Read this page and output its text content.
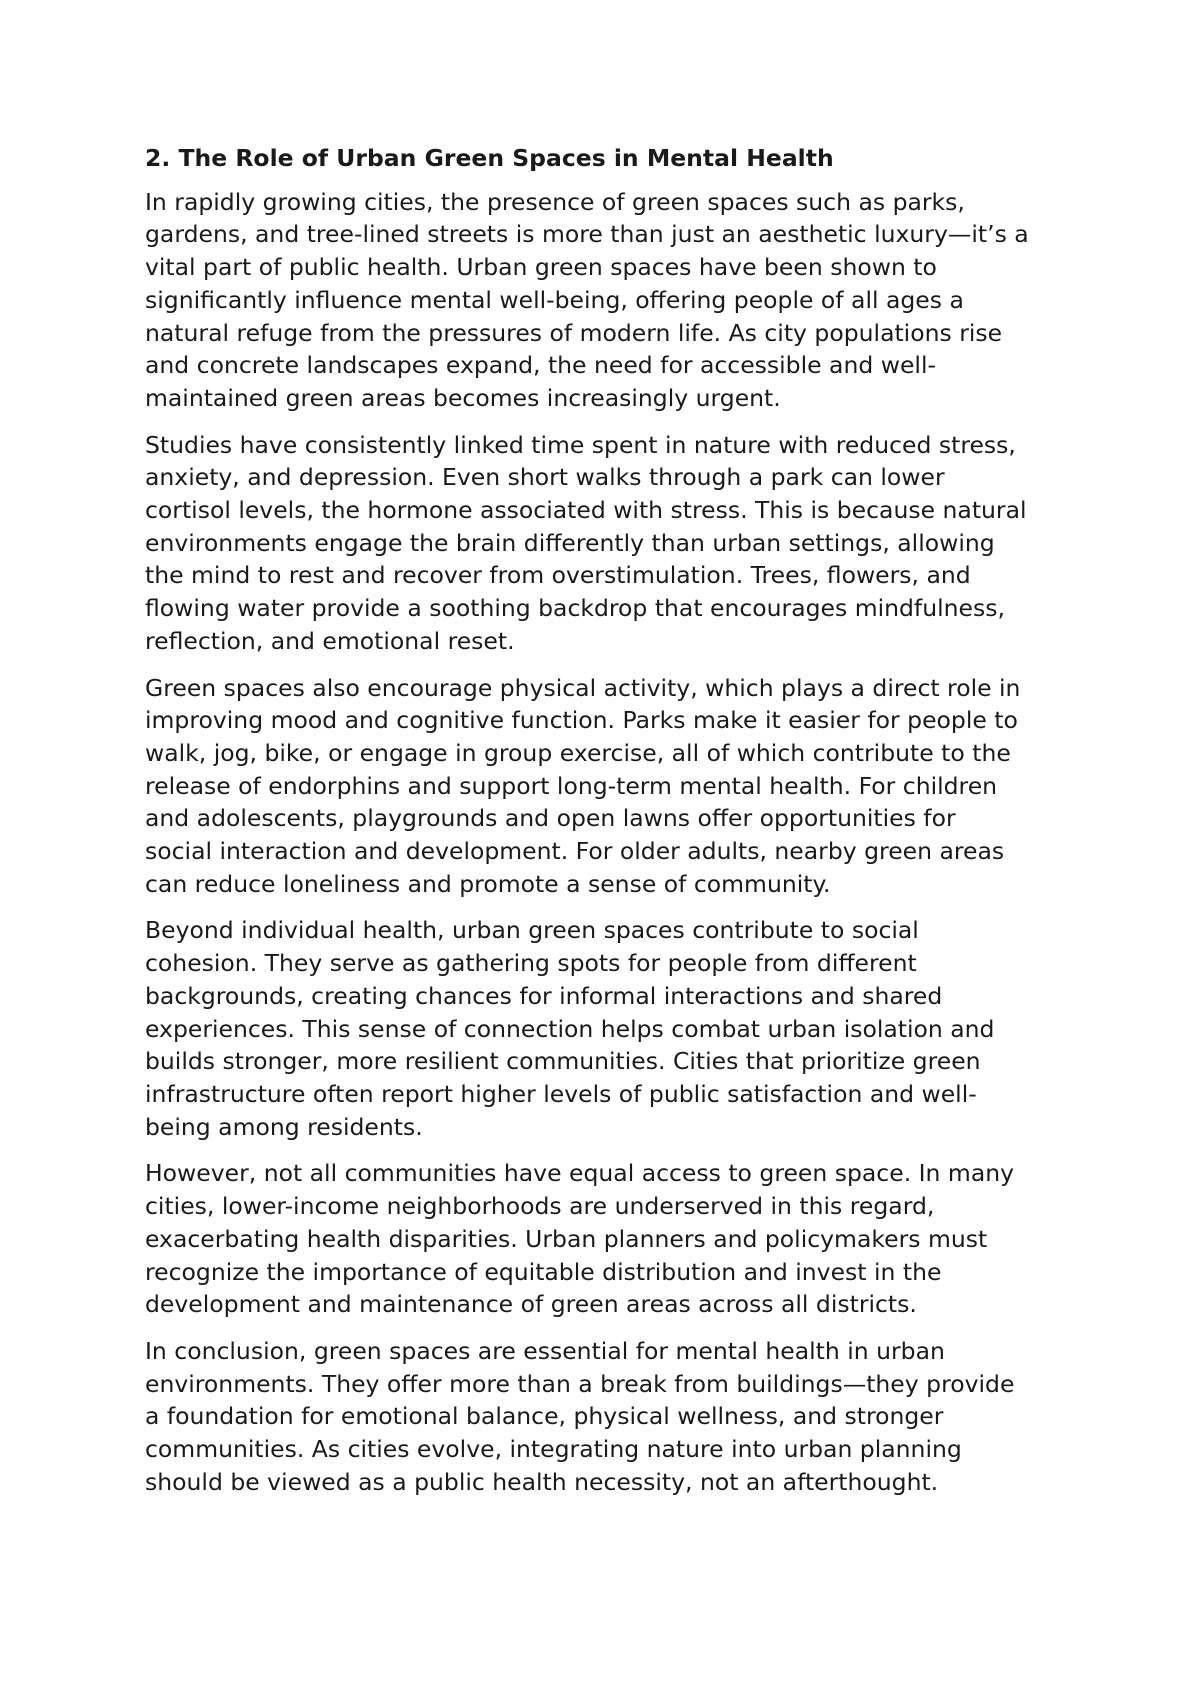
2. The Role of Urban Green Spaces in Mental Health
In rapidly growing cities, the presence of green spaces such as parks,
gardens, and tree-lined streets is more than just an aesthetic luxury—it’s a
vital part of public health. Urban green spaces have been shown to
significantly influence mental well-being, offering people of all ages a
natural refuge from the pressures of modern life. As city populations rise
and concrete landscapes expand, the need for accessible and well-
maintained green areas becomes increasingly urgent.
Studies have consistently linked time spent in nature with reduced stress,
anxiety, and depression. Even short walks through a park can lower
cortisol levels, the hormone associated with stress. This is because natural
environments engage the brain differently than urban settings, allowing
the mind to rest and recover from overstimulation. Trees, flowers, and
flowing water provide a soothing backdrop that encourages mindfulness,
reflection, and emotional reset.
Green spaces also encourage physical activity, which plays a direct role in
improving mood and cognitive function. Parks make it easier for people to
walk, jog, bike, or engage in group exercise, all of which contribute to the
release of endorphins and support long-term mental health. For children
and adolescents, playgrounds and open lawns offer opportunities for
social interaction and development. For older adults, nearby green areas
can reduce loneliness and promote a sense of community.
Beyond individual health, urban green spaces contribute to social
cohesion. They serve as gathering spots for people from different
backgrounds, creating chances for informal interactions and shared
experiences. This sense of connection helps combat urban isolation and
builds stronger, more resilient communities. Cities that prioritize green
infrastructure often report higher levels of public satisfaction and well-
being among residents.
However, not all communities have equal access to green space. In many
cities, lower-income neighborhoods are underserved in this regard,
exacerbating health disparities. Urban planners and policymakers must
recognize the importance of equitable distribution and invest in the
development and maintenance of green areas across all districts.
In conclusion, green spaces are essential for mental health in urban
environments. They offer more than a break from buildings—they provide
a foundation for emotional balance, physical wellness, and stronger
communities. As cities evolve, integrating nature into urban planning
should be viewed as a public health necessity, not an afterthought.
